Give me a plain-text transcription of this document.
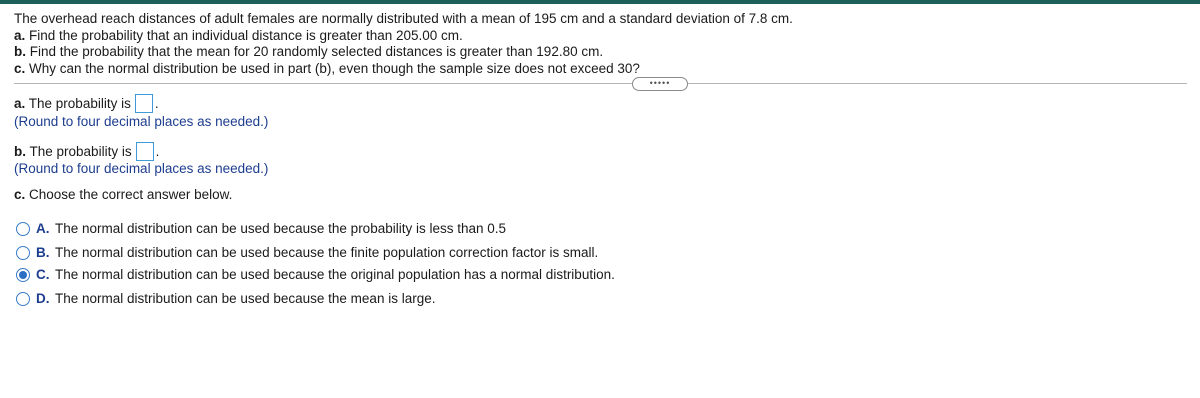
The overhead reach distances of adult females are normally distributed with a mean of 195 cm and a standard deviation of 7.8 cm.
a. Find the probability that an individual distance is greater than 205.00 cm.
b. Find the probability that the mean for 20 randomly selected distances is greater than 192.80 cm.
c. Why can the normal distribution be used in part (b), even though the sample size does not exceed 30?
•••••
a. The probability is .
(Round to four decimal places as needed.)
b. The probability is .
(Round to four decimal places as needed.)
c. Choose the correct answer below.
A. The normal distribution can be used because the probability is less than 0.5
B. The normal distribution can be used because the finite population correction factor is small.
C. The normal distribution can be used because the original population has a normal distribution.
D. The normal distribution can be used because the mean is large.
